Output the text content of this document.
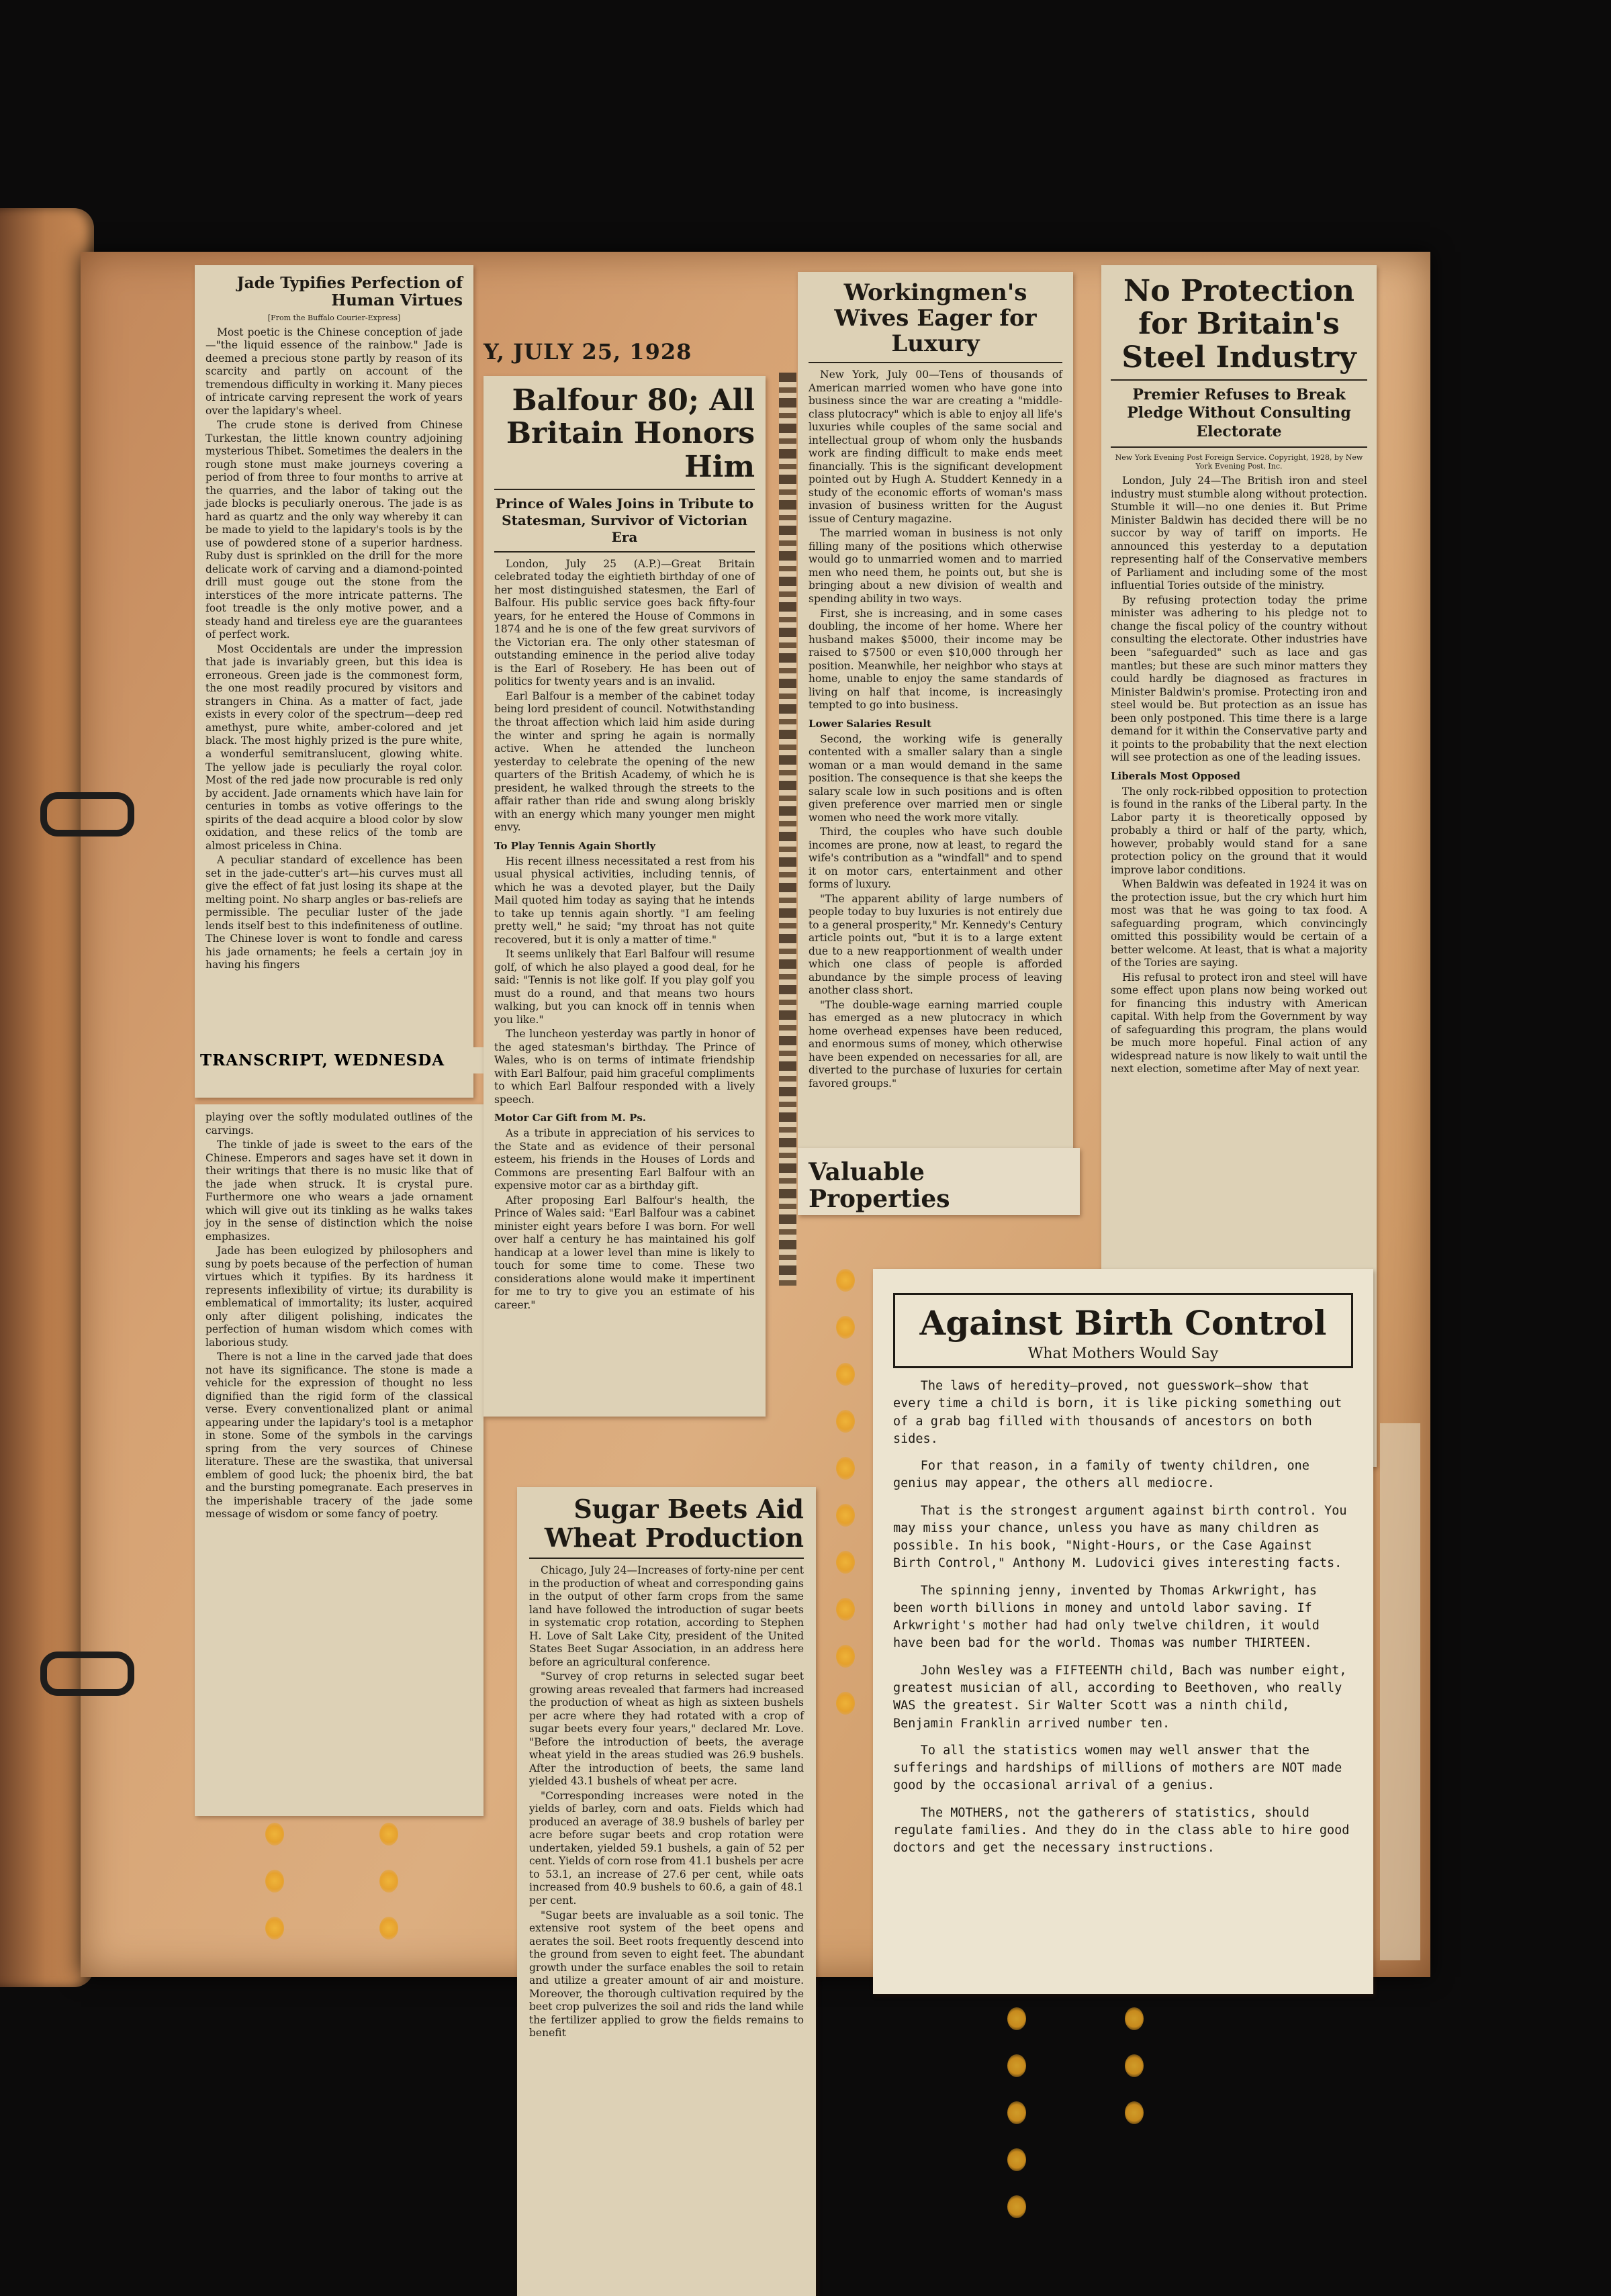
Jade Typifies Perfection of Human Virtues

[From the Buffalo Courier-Express]

Most poetic is the Chinese conception of jade—"the liquid essence of the rainbow." Jade is deemed a precious stone partly by reason of its scarcity and partly on account of the tremendous difficulty in working it. Many pieces of intricate carving represent the work of years over the lapidary's wheel.

The crude stone is derived from Chinese Turkestan, the little known country adjoining mysterious Thibet. Sometimes the dealers in the rough stone must make journeys covering a period of from three to four months to arrive at the quarries, and the labor of taking out the jade blocks is peculiarly onerous. The jade is as hard as quartz and the only way whereby it can be made to yield to the lapidary's tools is by the use of powdered stone of a superior hardness. Ruby dust is sprinkled on the drill for the more delicate work of carving and a diamond-pointed drill must gouge out the stone from the interstices of the more intricate patterns. The foot treadle is the only motive power, and a steady hand and tireless eye are the guarantees of perfect work.

Most Occidentals are under the impression that jade is invariably green, but this idea is erroneous. Green jade is the commonest form, the one most readily procured by visitors and strangers in China. As a matter of fact, jade exists in every color of the spectrum—deep red amethyst, pure white, amber-colored and jet black. The most highly prized is the pure white, a wonderful semitranslucent, glowing white. The yellow jade is peculiarly the royal color. Most of the red jade now procurable is red only by accident. Jade ornaments which have lain for centuries in tombs as votive offerings to the spirits of the dead acquire a blood color by slow oxidation, and these relics of the tomb are almost priceless in China.

A peculiar standard of excellence has been set in the jade-cutter's art—his curves must all give the effect of fat just losing its shape at the melting point. No sharp angles or bas-reliefs are permissible. The peculiar luster of the jade lends itself best to this indefiniteness of outline. The Chinese lover is wont to fondle and caress his jade ornaments; he feels a certain joy in having his fingers

TRANSCRIPT, WEDNESDA

playing over the softly modulated outlines of the carvings.

The tinkle of jade is sweet to the ears of the Chinese. Emperors and sages have set it down in their writings that there is no music like that of the jade when struck. It is crystal pure. Furthermore one who wears a jade ornament which will give out its tinkling as he walks takes joy in the sense of distinction which the noise emphasizes.

Jade has been eulogized by philosophers and sung by poets because of the perfection of human virtues which it typifies. By its hardness it represents inflexibility of virtue; its durability is emblematical of immortality; its luster, acquired only after diligent polishing, indicates the perfection of human wisdom which comes with laborious study.

There is not a line in the carved jade that does not have its significance. The stone is made a vehicle for the expression of thought no less dignified than the rigid form of the classical verse. Every conventionalized plant or animal appearing under the lapidary's tool is a metaphor in stone. Some of the symbols in the carvings spring from the very sources of Chinese literature. These are the swastika, that universal emblem of good luck; the phoenix bird, the bat and the bursting pomegranate. Each preserves in the imperishable tracery of the jade some message of wisdom or some fancy of poetry.

Y, JULY 25, 1928

Balfour 80; All Britain Honors Him

Prince of Wales Joins in Tribute to Statesman, Survivor of Victorian Era

London, July 25 (A.P.)—Great Britain celebrated today the eightieth birthday of one of her most distinguished statesmen, the Earl of Balfour. His public service goes back fifty-four years, for he entered the House of Commons in 1874 and he is one of the few great survivors of the Victorian era. The only other statesman of outstanding eminence in the period alive today is the Earl of Rosebery. He has been out of politics for twenty years and is an invalid.

Earl Balfour is a member of the cabinet today being lord president of council. Notwithstanding the throat affection which laid him aside during the winter and spring he again is normally active. When he attended the luncheon yesterday to celebrate the opening of the new quarters of the British Academy, of which he is president, he walked through the streets to the affair rather than ride and swung along briskly with an energy which many younger men might envy.

To Play Tennis Again Shortly

His recent illness necessitated a rest from his usual physical activities, including tennis, of which he was a devoted player, but the Daily Mail quoted him today as saying that he intends to take up tennis again shortly. "I am feeling pretty well," he said; "my throat has not quite recovered, but it is only a matter of time."

It seems unlikely that Earl Balfour will resume golf, of which he also played a good deal, for he said: "Tennis is not like golf. If you play golf you must do a round, and that means two hours walking, but you can knock off in tennis when you like."

The luncheon yesterday was partly in honor of the aged statesman's birthday. The Prince of Wales, who is on terms of intimate friendship with Earl Balfour, paid him graceful compliments to which Earl Balfour responded with a lively speech.

Motor Car Gift from M. Ps.

As a tribute in appreciation of his services to the State and as evidence of their personal esteem, his friends in the Houses of Lords and Commons are presenting Earl Balfour with an expensive motor car as a birthday gift.

After proposing Earl Balfour's health, the Prince of Wales said: "Earl Balfour was a cabinet minister eight years before I was born. For well over half a century he has maintained his golf handicap at a lower level than mine is likely to touch for some time to come. These two considerations alone would make it impertinent for me to try to give you an estimate of his career."

Sugar Beets Aid Wheat Production

Chicago, July 24—Increases of forty-nine per cent in the production of wheat and corresponding gains in the output of other farm crops from the same land have followed the introduction of sugar beets in systematic crop rotation, according to Stephen H. Love of Salt Lake City, president of the United States Beet Sugar Association, in an address here before an agricultural conference.

"Survey of crop returns in selected sugar beet growing areas revealed that farmers had increased the production of wheat as high as sixteen bushels per acre where they had rotated with a crop of sugar beets every four years," declared Mr. Love. "Before the introduction of beets, the average wheat yield in the areas studied was 26.9 bushels. After the introduction of beets, the same land yielded 43.1 bushels of wheat per acre.

"Corresponding increases were noted in the yields of barley, corn and oats. Fields which had produced an average of 38.9 bushels of barley per acre before sugar beets and crop rotation were undertaken, yielded 59.1 bushels, a gain of 52 per cent. Yields of corn rose from 41.1 bushels per acre to 53.1, an increase of 27.6 per cent, while oats increased from 40.9 bushels to 60.6, a gain of 48.1 per cent.

"Sugar beets are invaluable as a soil tonic. The extensive root system of the beet opens and aerates the soil. Beet roots frequently descend into the ground from seven to eight feet. The abundant growth under the surface enables the soil to retain and utilize a greater amount of air and moisture. Moreover, the thorough cultivation required by the beet crop pulverizes the soil and rids the land while the fertilizer applied to grow the fields remains to benefit

Workingmen's Wives Eager for Luxury

New York, July 00—Tens of thousands of American married women who have gone into business since the war are creating a "middle-class plutocracy" which is able to enjoy all life's luxuries while couples of the same social and intellectual group of whom only the husbands work are finding difficult to make ends meet financially. This is the significant development pointed out by Hugh A. Studdert Kennedy in a study of the economic efforts of woman's mass invasion of business written for the August issue of Century magazine.

The married woman in business is not only filling many of the positions which otherwise would go to unmarried women and to married men who need them, he points out, but she is bringing about a new division of wealth and spending ability in two ways.

First, she is increasing, and in some cases doubling, the income of her home. Where her husband makes $5000, their income may be raised to $7500 or even $10,000 through her position. Meanwhile, her neighbor who stays at home, unable to enjoy the same standards of living on half that income, is increasingly tempted to go into business.

Lower Salaries Result

Second, the working wife is generally contented with a smaller salary than a single woman or a man would demand in the same position. The consequence is that she keeps the salary scale low in such positions and is often given preference over married men or single women who need the work more vitally.

Third, the couples who have such double incomes are prone, now at least, to regard the wife's contribution as a "windfall" and to spend it on motor cars, entertainment and other forms of luxury.

"The apparent ability of large numbers of people today to buy luxuries is not entirely due to a general prosperity," Mr. Kennedy's Century article points out, "but it is to a large extent due to a new reapportionment of wealth under which one class of people is afforded abundance by the simple process of leaving another class short.

"The double-wage earning married couple has emerged as a new plutocracy in which home overhead expenses have been reduced, and enormous sums of money, which otherwise have been expended on necessaries for all, are diverted to the purchase of luxuries for certain favored groups."

Valuable Properties

No Protection for Britain's Steel Industry

Premier Refuses to Break Pledge Without Consulting Electorate

New York Evening Post Foreign Service. Copyright, 1928, by New York Evening Post, Inc.

London, July 24—The British iron and steel industry must stumble along without protection. Stumble it will—no one denies it. But Prime Minister Baldwin has decided there will be no succor by way of tariff on imports. He announced this yesterday to a deputation representing half of the Conservative members of Parliament and including some of the most influential Tories outside of the ministry.

By refusing protection today the prime minister was adhering to his pledge not to change the fiscal policy of the country without consulting the electorate. Other industries have been "safeguarded" such as lace and gas mantles; but these are such minor matters they could hardly be diagnosed as fractures in Minister Baldwin's promise. Protecting iron and steel would be. But protection as an issue has been only postponed. This time there is a large demand for it within the Conservative party and it points to the probability that the next election will see protection as one of the leading issues.

Liberals Most Opposed

The only rock-ribbed opposition to protection is found in the ranks of the Liberal party. In the Labor party it is theoretically opposed by probably a third or half of the party, which, however, probably would stand for a sane protection policy on the ground that it would improve labor conditions.

When Baldwin was defeated in 1924 it was on the protection issue, but the cry which hurt him most was that he was going to tax food. A safeguarding program, which convincingly omitted this possibility would be certain of a better welcome. At least, that is what a majority of the Tories are saying.

His refusal to protect iron and steel will have some effect upon plans now being worked out for financing this industry with American capital. With help from the Government by way of safeguarding this program, the plans would be much more hopeful. Final action of any widespread nature is now likely to wait until the next election, sometime after May of next year.

Against Birth Control

What Mothers Would Say

The laws of heredity—proved, not guesswork—show that every time a child is born, it is like picking something out of a grab bag filled with thousands of ancestors on both sides.

For that reason, in a family of twenty children, one genius may appear, the others all mediocre.

That is the strongest argument against birth control. You may miss your chance, unless you have as many children as possible. In his book, "Night-Hours, or the Case Against Birth Control," Anthony M. Ludovici gives interesting facts.

The spinning jenny, invented by Thomas Arkwright, has been worth billions in money and untold labor saving. If Arkwright's mother had had only twelve children, it would have been bad for the world. Thomas was number THIRTEEN.

John Wesley was a FIFTEENTH child, Bach was number eight, greatest musician of all, according to Beethoven, who really WAS the greatest. Sir Walter Scott was a ninth child, Benjamin Franklin arrived number ten.

To all the statistics women may well answer that the sufferings and hardships of millions of mothers are NOT made good by the occasional arrival of a genius.

The MOTHERS, not the gatherers of statistics, should regulate families. And they do in the class able to hire good doctors and get the necessary instructions.
